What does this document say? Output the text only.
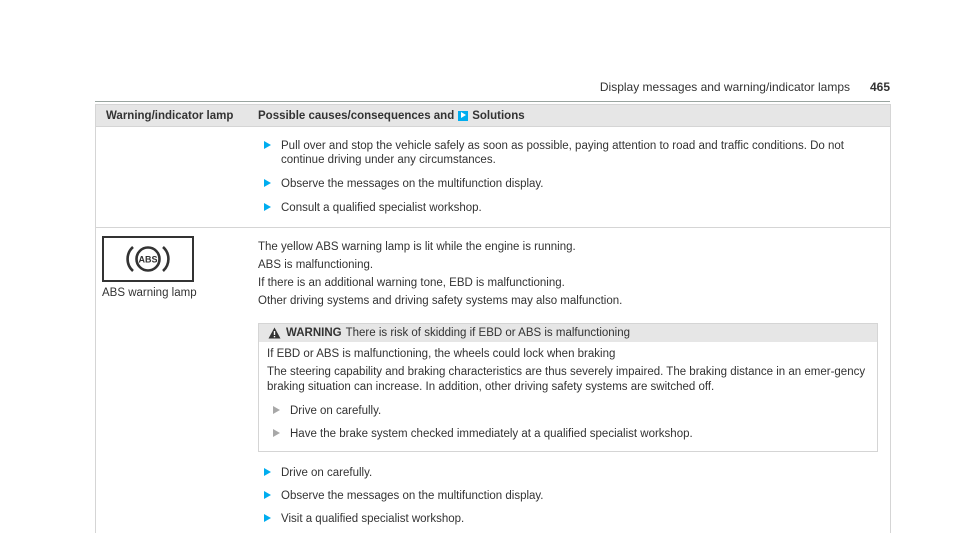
Display messages and warning/indicator lamps 465
Warning/indicator lamp	Possible causes/consequences and Solutions
Pull over and stop the vehicle safely as soon as possible, paying attention to road and traffic conditions. Do not continue driving under any circumstances.
Observe the messages on the multifunction display.
Consult a qualified specialist workshop.
ABS
ABS warning lamp
The yellow ABS warning lamp is lit while the engine is running.
ABS is malfunctioning.
If there is an additional warning tone, EBD is malfunctioning.
Other driving systems and driving safety systems may also malfunction.
WARNING There is risk of skidding if EBD or ABS is malfunctioning
If EBD or ABS is malfunctioning, the wheels could lock when braking
The steering capability and braking characteristics are thus severely impaired. The braking distance in an emer-gency braking situation can increase. In addition, other driving safety systems are switched off.
Drive on carefully.
Have the brake system checked immediately at a qualified specialist workshop.
Drive on carefully.
Observe the messages on the multifunction display.
Visit a qualified specialist workshop.
